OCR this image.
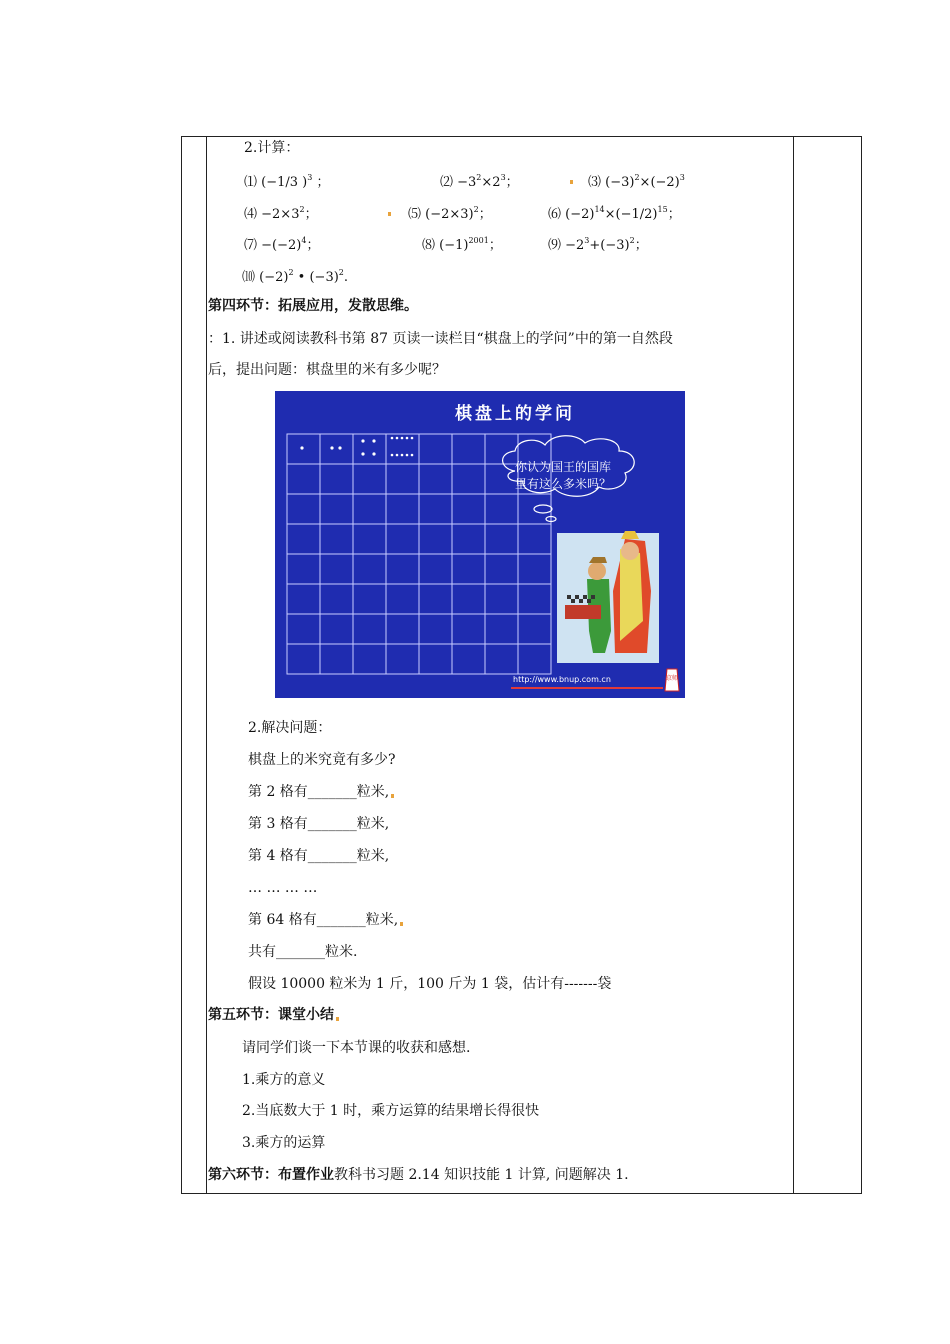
2.计算：
⑴ (−1/3 )$^3$ ；	⑵ $-3^2\times 2^3$；	⑶ $(-3)^2\times(-2)^3$
⑷ $-2\times 3^2$；	⑸ $(-2\times 3)^2$；	⑹ $(-2)^{14}\times(-1/2)^{15}$；
⑺ $-(-2)^4$；	⑻ $(-1)^{2001}$；	⑼ $-2^3+(-3)^2$；
⑽ $(-2)^2$ • $(-3)^2$.
第四环节：拓展应用，发散思维。
：1. 讲述或阅读教科书第 87 页读一读栏目“棋盘上的学问”中的第一自然段
后，提出问题：棋盘里的米有多少呢？
棋盘上的学问
你认为国王的国库
里有这么多米吗？
http://www.bnup.com.cn	京师
2.解决问题：
棋盘上的米究竟有多少?
第 2 格有_______粒米,
第 3 格有_______粒米,
第 4 格有_______粒米,
… … … …
第 64 格有_______粒米,
共有_______粒米.
假设 10000 粒米为 1 斤，100 斤为 1 袋，估计有-------袋
第五环节：课堂小结
请同学们谈一下本节课的收获和感想.
1.乘方的意义
2.当底数大于 1 时，乘方运算的结果增长得很快
3.乘方的运算
第六环节：布置作业教科书习题 2.14 知识技能 1 计算, 问题解决 1.
